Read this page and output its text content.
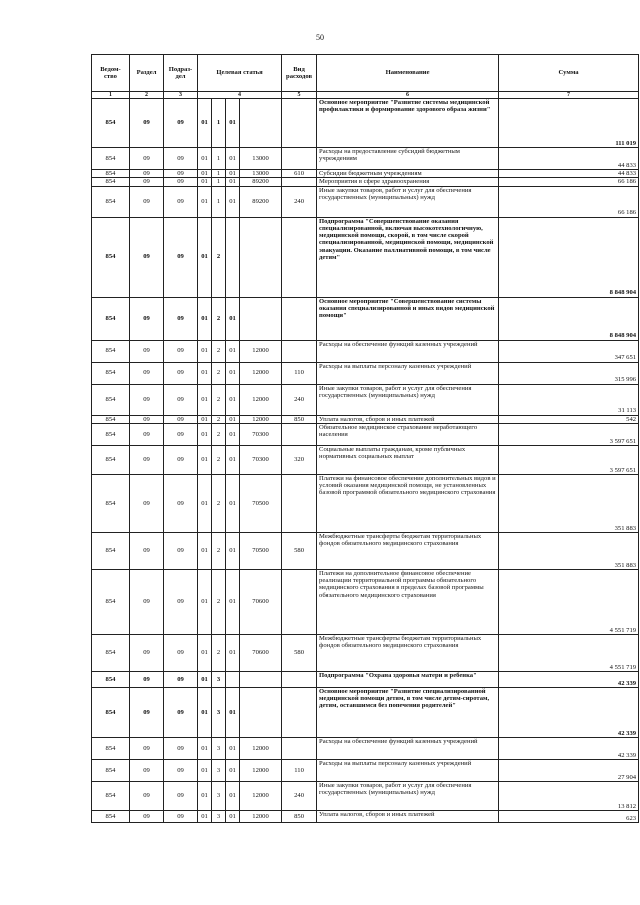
50
Ведом-ство	Раздел	Подраз-дел	Целевая статья				Вид расходов	Наименование	Сумма
1	2	3	4				5	6	7
854	09	09	01	1	01			Основное мероприятие "Развитие системы медицинской профилактики и формирование здорового образа жизни"	111 019
854	09	09	01	1	01	13000		Расходы на предоставление субсидий бюджетным учреждениям	44 833
854	09	09	01	1	01	13000	610	Субсидии бюджетным учреждениям	44 833
854	09	09	01	1	01	89200		Мероприятия в сфере здравоохранения	66 186
854	09	09	01	1	01	89200	240	Иные закупки товаров, работ и услуг для обеспечения государственных (муниципальных) нужд	66 186
854	09	09	01	2				Подпрограмма "Совершенствование оказания специализированной, включая высокотехнологичную, медицинской помощи, скорой, в том числе скорой специализированной, медицинской помощи, медицинской эвакуации. Оказание паллиативной помощи, в том числе детям"	8 848 904
854	09	09	01	2	01			Основное мероприятие "Совершенствование системы оказания специализированной и иных видов медицинской помощи"	8 848 904
854	09	09	01	2	01	12000		Расходы на обеспечение функций казенных учреждений	347 651
854	09	09	01	2	01	12000	110	Расходы на выплаты персоналу казенных учреждений	315 996
854	09	09	01	2	01	12000	240	Иные закупки товаров, работ и услуг для обеспечения государственных (муниципальных) нужд	31 113
854	09	09	01	2	01	12000	850	Уплата налогов, сборов и иных платежей	542
854	09	09	01	2	01	70300		Обязательное медицинское страхование неработающего населения	3 597 651
854	09	09	01	2	01	70300	320	Социальные выплаты гражданам, кроме публичных нормативных социальных выплат	3 597 651
854	09	09	01	2	01	70500		Платежи на финансовое обеспечение дополнительных видов и условий оказания медицинской помощи, не установленных базовой программой обязательного медицинского страхования	351 883
854	09	09	01	2	01	70500	580	Межбюджетные трансферты бюджетам территориальных фондов обязательного медицинского страхования	351 883
854	09	09	01	2	01	70600		Платежи на дополнительное финансовое обеспечение реализации территориальной программы обязательного медицинского страхования в пределах базовой программы обязательного медицинского страхования	4 551 719
854	09	09	01	2	01	70600	580	Межбюджетные трансферты бюджетам территориальных фондов обязательного медицинского страхования	4 551 719
854	09	09	01	3				Подпрограмма "Охрана здоровья матери и ребенка"	42 339
854	09	09	01	3	01			Основное мероприятие "Развитие специализированной медицинской помощи детям, в том числе детям-сиротам, детям, оставшимся без попечения родителей"	42 339
854	09	09	01	3	01	12000		Расходы на обеспечение функций казенных учреждений	42 339
854	09	09	01	3	01	12000	110	Расходы на выплаты персоналу казенных учреждений	27 904
854	09	09	01	3	01	12000	240	Иные закупки товаров, работ и услуг для обеспечения государственных (муниципальных) нужд	13 812
854	09	09	01	3	01	12000	850	Уплата налогов, сборов и иных платежей	623
